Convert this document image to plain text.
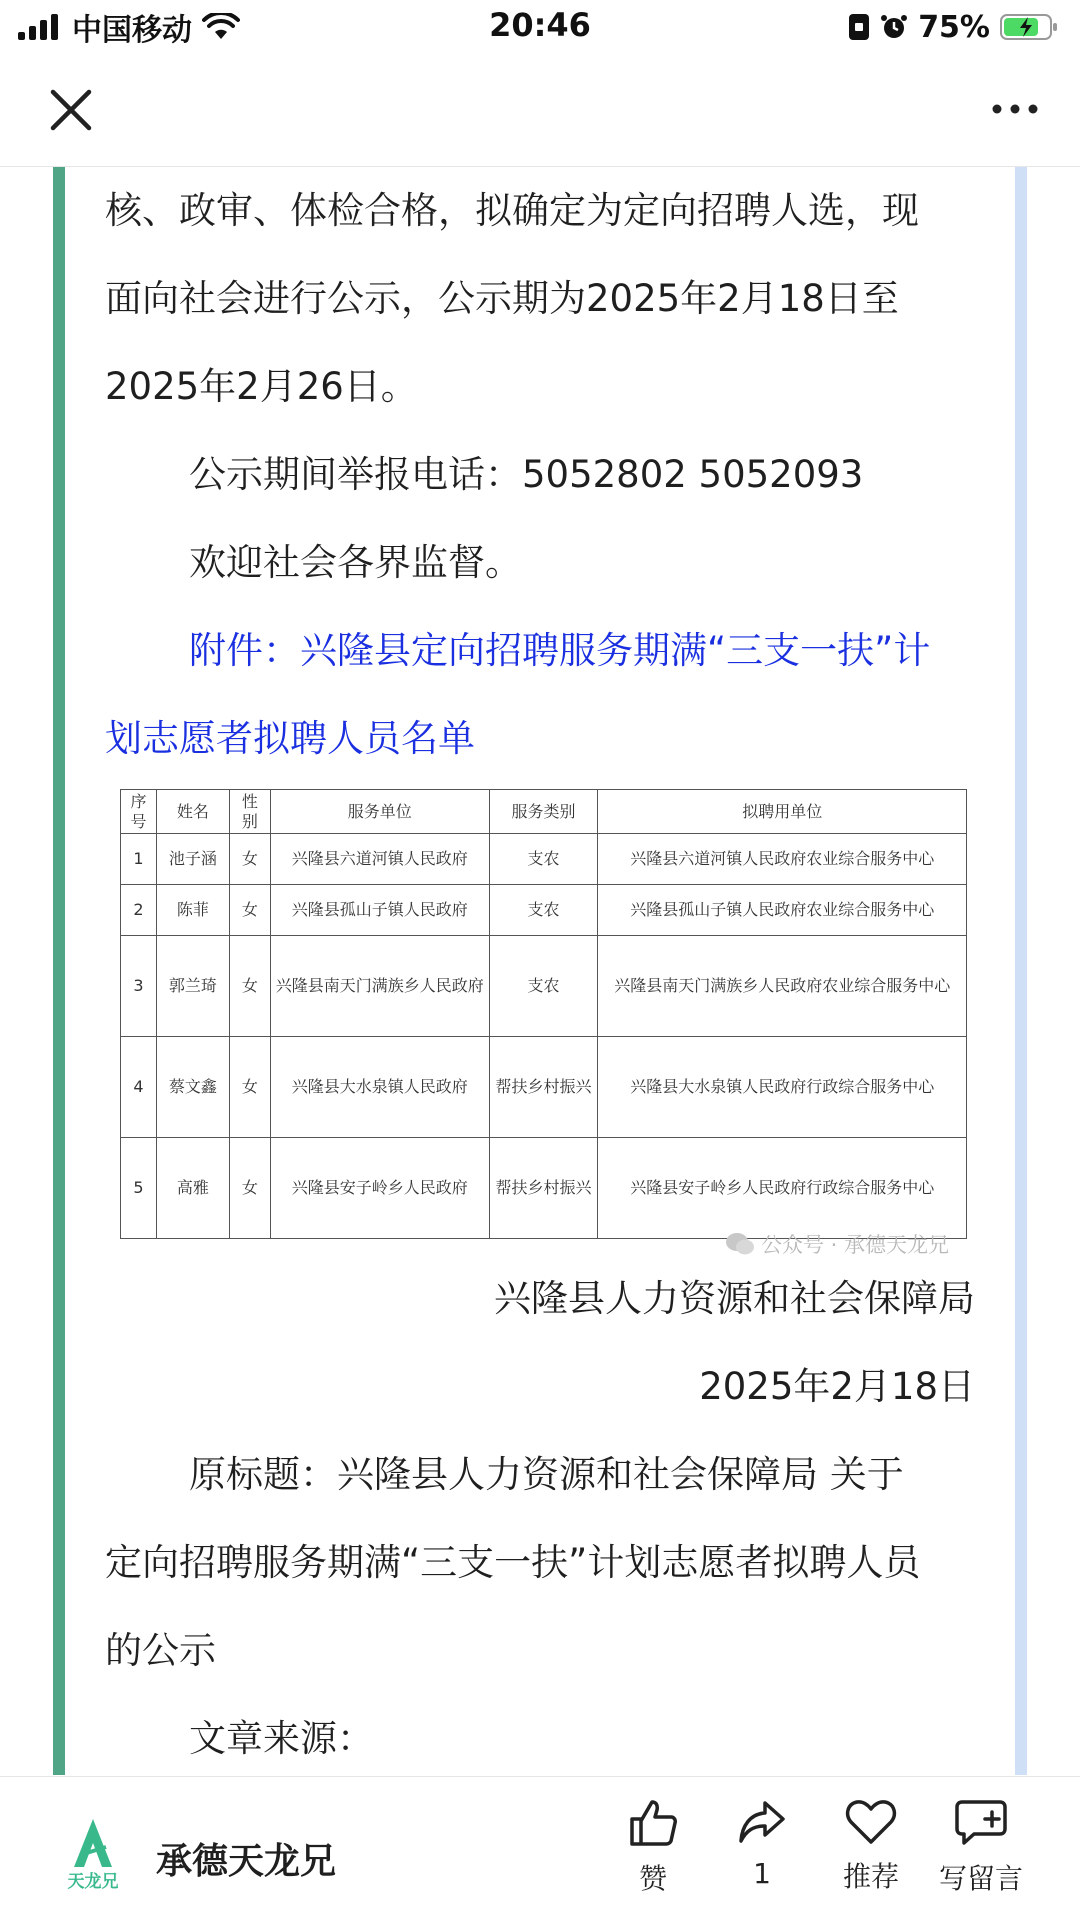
中国移动	20:46	75%
核、政审、体检合格，拟确定为定向招聘人选，现
面向社会进行公示，公示期为2025年2月18日至
2025年2月26日。
公示期间举报电话：5052802 5052093
欢迎社会各界监督。
附件：兴隆县定向招聘服务期满“三支一扶”计
划志愿者拟聘人员名单
序号	姓名	性别	服务单位	服务类别	拟聘用单位
1	池子涵	女	兴隆县六道河镇人民政府	支农	兴隆县六道河镇人民政府农业综合服务中心
2	陈菲	女	兴隆县孤山子镇人民政府	支农	兴隆县孤山子镇人民政府农业综合服务中心
3	郭兰琦	女	兴隆县南天门满族乡人民政府	支农	兴隆县南天门满族乡人民政府农业综合服务中心
4	蔡文鑫	女	兴隆县大水泉镇人民政府	帮扶乡村振兴	兴隆县大水泉镇人民政府行政综合服务中心
5	高雅	女	兴隆县安子岭乡人民政府	帮扶乡村振兴	兴隆县安子岭乡人民政府行政综合服务中心
公众号 · 承德天龙兄
兴隆县人力资源和社会保障局
2025年2月18日
原标题：兴隆县人力资源和社会保障局 关于
定向招聘服务期满“三支一扶”计划志愿者拟聘人员
的公示
文章来源：
天龙兄 承德天龙兄	赞	1	推荐	写留言
